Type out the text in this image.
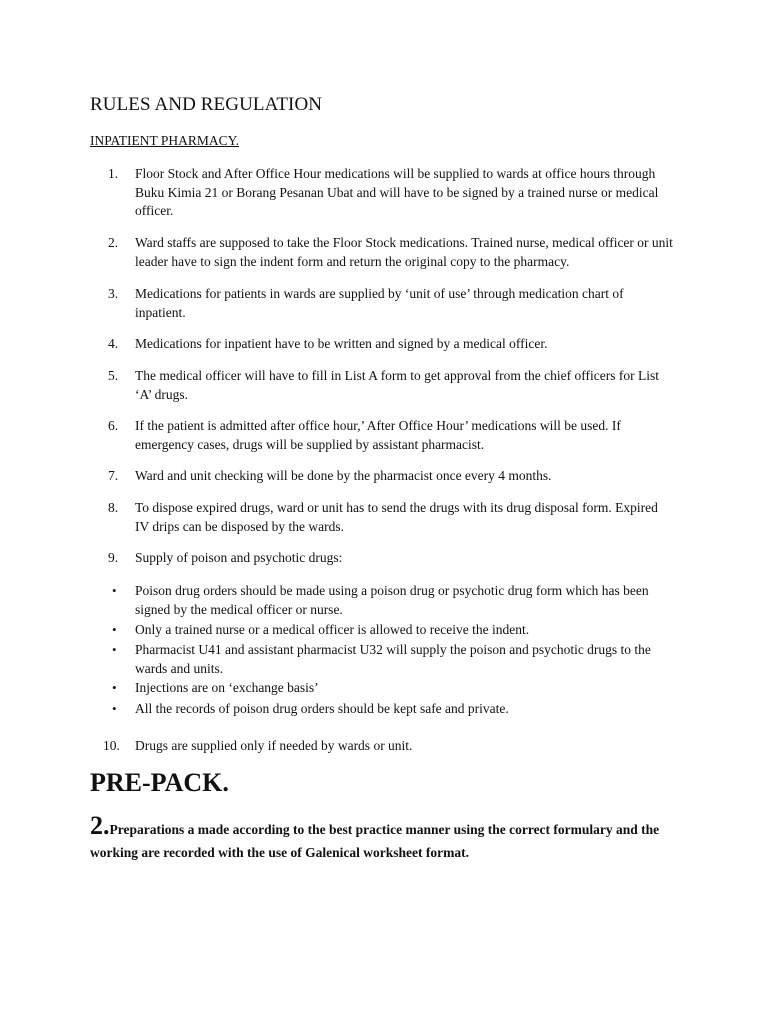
RULES AND REGULATION
INPATIENT PHARMACY.
1.	Floor Stock and After Office Hour medications will be supplied to wards at office hours through Buku Kimia 21 or Borang Pesanan Ubat and will have to be signed by a trained nurse or medical officer.
2.	Ward staffs are supposed to take the Floor Stock medications. Trained nurse, medical officer or unit leader have to sign the indent form and return the original copy to the pharmacy.
3.	Medications for patients in wards are supplied by ‘unit of use’ through medication chart of inpatient.
4.	Medications for inpatient have to be written and signed by a medical officer.
5.	The medical officer will have to fill in List A form to get approval from the chief officers for List ‘A’ drugs.
6.	If the patient is admitted after office hour,’ After Office Hour’ medications will be used. If emergency cases, drugs will be supplied by assistant pharmacist.
7.	Ward and unit checking will be done by the pharmacist once every 4 months.
8.	To dispose expired drugs, ward or unit has to send the drugs with its drug disposal form. Expired IV drips can be disposed by the wards.
9.	Supply of poison and psychotic drugs:
•	Poison drug orders should be made using a poison drug or psychotic drug form which has been signed by the medical officer or nurse.
•	Only a trained nurse or a medical officer is allowed to receive the indent.
•	Pharmacist U41 and assistant pharmacist U32 will supply the poison and psychotic drugs to the wards and units.
•	Injections are on ‘exchange basis’
•	All the records of poison drug orders should be kept safe and private.
10.	Drugs are supplied only if needed by wards or unit.
PRE-PACK.

2.Preparations a made according to the best practice manner using the correct formulary and the working are recorded with the use of Galenical worksheet format.
